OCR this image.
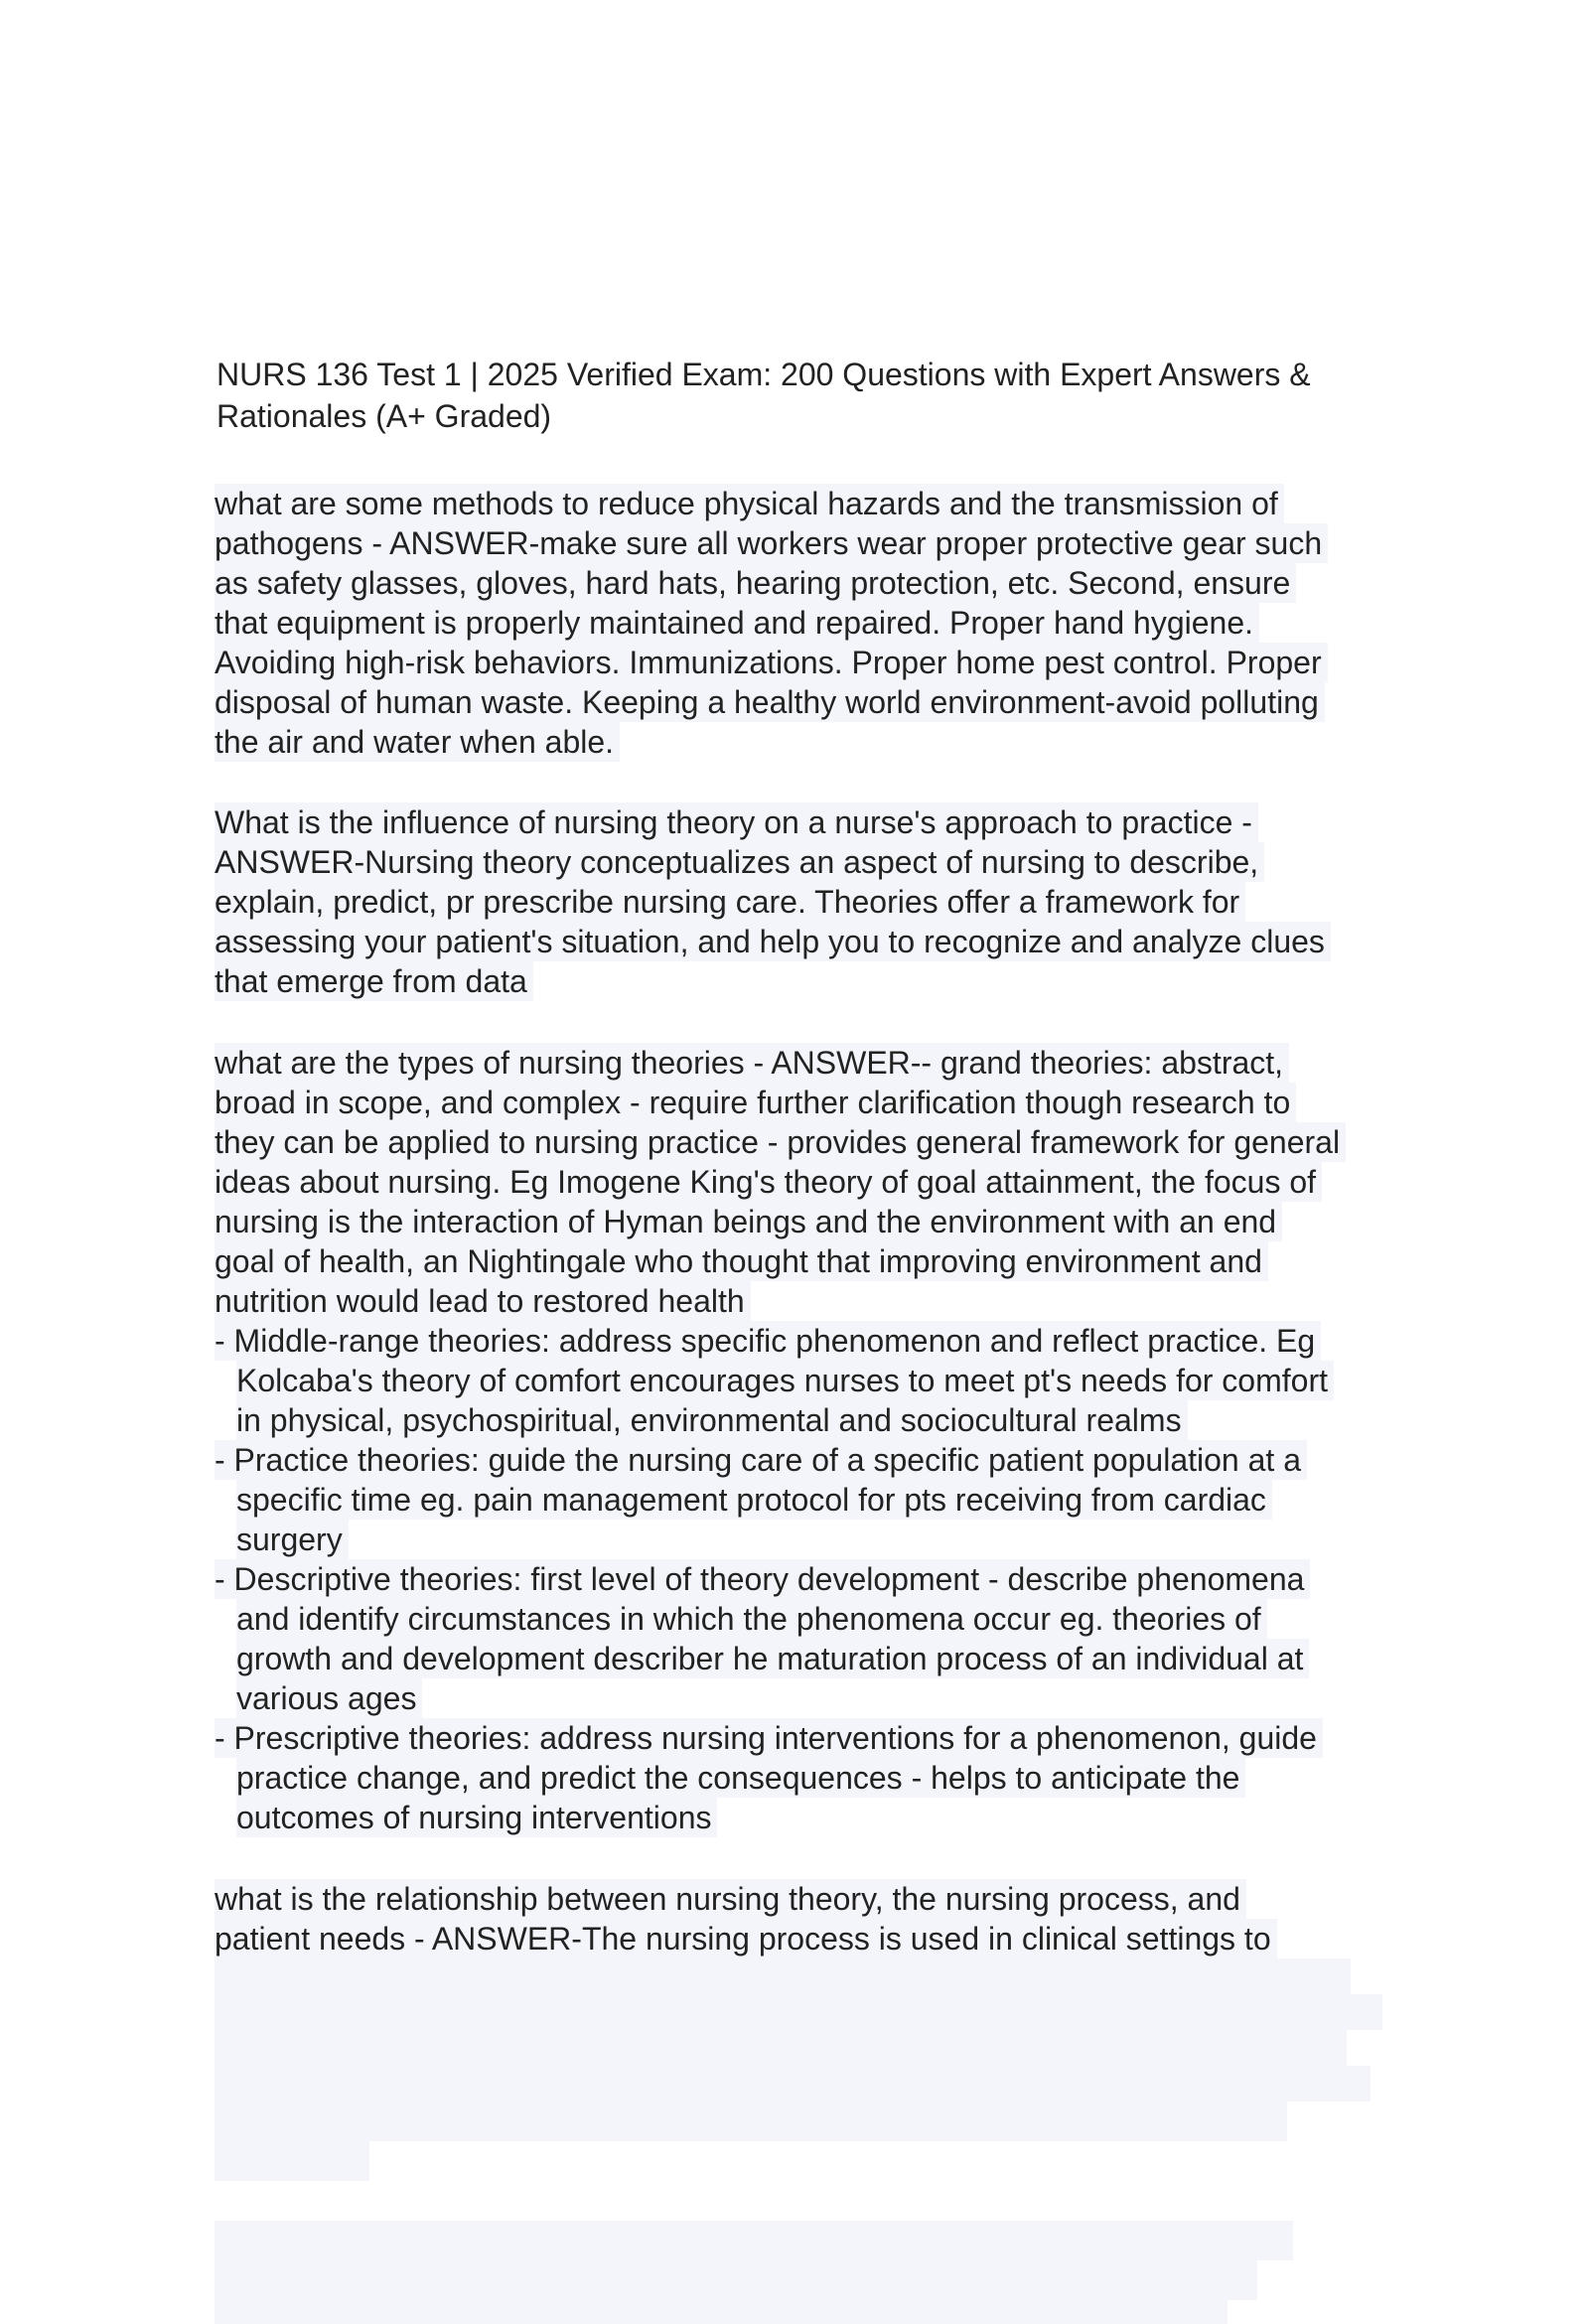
NURS 136 Test 1 | 2025 Verified Exam: 200 Questions with Expert Answers &
Rationales (A+ Graded)
what are some methods to reduce physical hazards and the transmission of
pathogens - ANSWER-make sure all workers wear proper protective gear such
as safety glasses, gloves, hard hats, hearing protection, etc. Second, ensure
that equipment is properly maintained and repaired. Proper hand hygiene.
Avoiding high-risk behaviors. Immunizations. Proper home pest control. Proper
disposal of human waste. Keeping a healthy world environment-avoid polluting
the air and water when able.
What is the influence of nursing theory on a nurse's approach to practice -
ANSWER-Nursing theory conceptualizes an aspect of nursing to describe,
explain, predict, pr prescribe nursing care. Theories offer a framework for
assessing your patient's situation, and help you to recognize and analyze clues
that emerge from data
what are the types of nursing theories - ANSWER-- grand theories: abstract,
broad in scope, and complex - require further clarification though research to
they can be applied to nursing practice - provides general framework for general
ideas about nursing. Eg Imogene King's theory of goal attainment, the focus of
nursing is the interaction of Hyman beings and the environment with an end
goal of health, an Nightingale who thought that improving environment and
nutrition would lead to restored health
- Middle-range theories: address specific phenomenon and reflect practice. Eg
Kolcaba's theory of comfort encourages nurses to meet pt's needs for comfort
in physical, psychospiritual, environmental and sociocultural realms
- Practice theories: guide the nursing care of a specific patient population at a
specific time eg. pain management protocol for pts receiving from cardiac
surgery
- Descriptive theories: first level of theory development - describe phenomena
and identify circumstances in which the phenomena occur eg. theories of
growth and development describer he maturation process of an individual at
various ages
- Prescriptive theories: address nursing interventions for a phenomenon, guide
practice change, and predict the consequences - helps to anticipate the
outcomes of nursing interventions
what is the relationship between nursing theory, the nursing process, and
patient needs - ANSWER-The nursing process is used in clinical settings to
